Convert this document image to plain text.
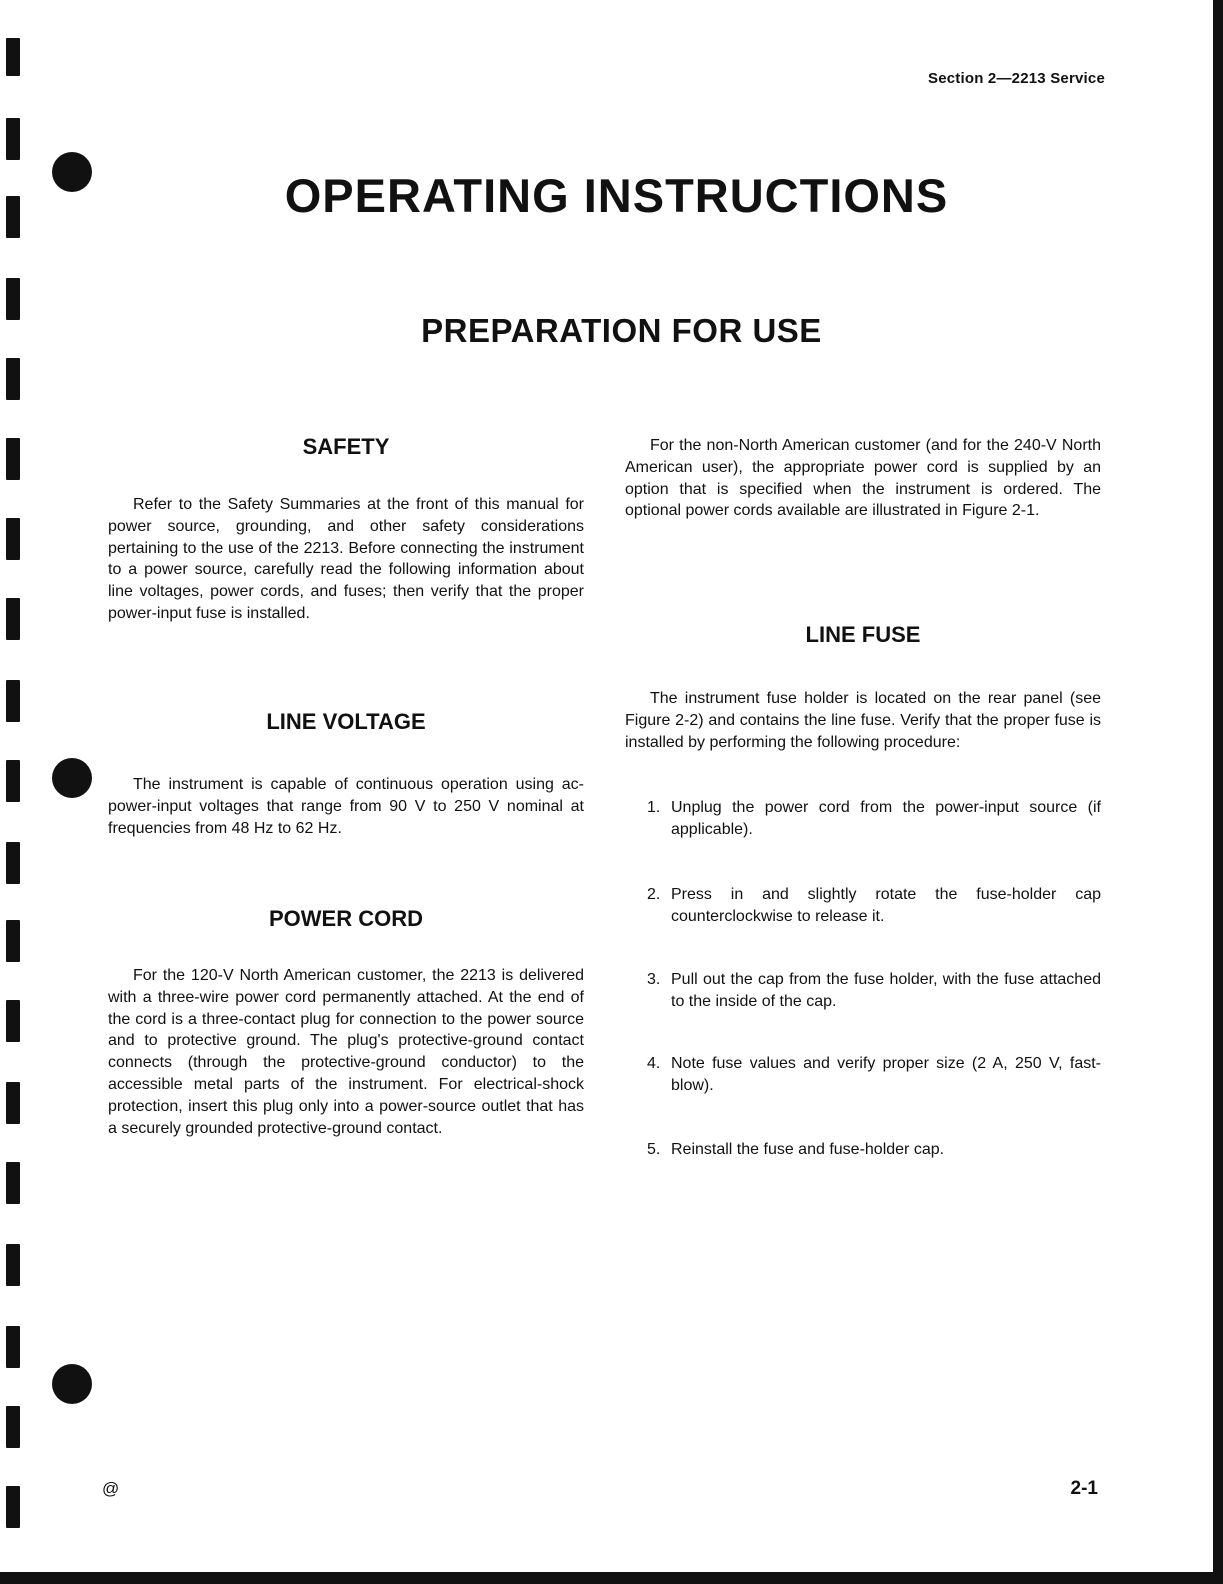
Section 2—2213 Service
OPERATING INSTRUCTIONS
PREPARATION FOR USE
SAFETY

Refer to the Safety Summaries at the front of this manual for power source, grounding, and other safety considerations pertaining to the use of the 2213. Before connecting the instrument to a power source, carefully read the following information about line voltages, power cords, and fuses; then verify that the proper power-input fuse is installed.

LINE VOLTAGE

The instrument is capable of continuous operation using ac-power-input voltages that range from 90 V to 250 V nominal at frequencies from 48 Hz to 62 Hz.

POWER CORD

For the 120-V North American customer, the 2213 is delivered with a three-wire power cord permanently attached. At the end of the cord is a three-contact plug for connection to the power source and to protective ground. The plug's protective-ground contact connects (through the protective-ground conductor) to the accessible metal parts of the instrument. For electrical-shock protection, insert this plug only into a power-source outlet that has a securely grounded protective-ground contact.

For the non-North American customer (and for the 240-V North American user), the appropriate power cord is supplied by an option that is specified when the instrument is ordered. The optional power cords available are illustrated in Figure 2-1.

LINE FUSE

The instrument fuse holder is located on the rear panel (see Figure 2-2) and contains the line fuse. Verify that the proper fuse is installed by performing the following procedure:

1. Unplug the power cord from the power-input source (if applicable).
2. Press in and slightly rotate the fuse-holder cap counterclockwise to release it.
3. Pull out the cap from the fuse holder, with the fuse attached to the inside of the cap.
4. Note fuse values and verify proper size (2 A, 250 V, fast-blow).
5. Reinstall the fuse and fuse-holder cap.
@	2-1
